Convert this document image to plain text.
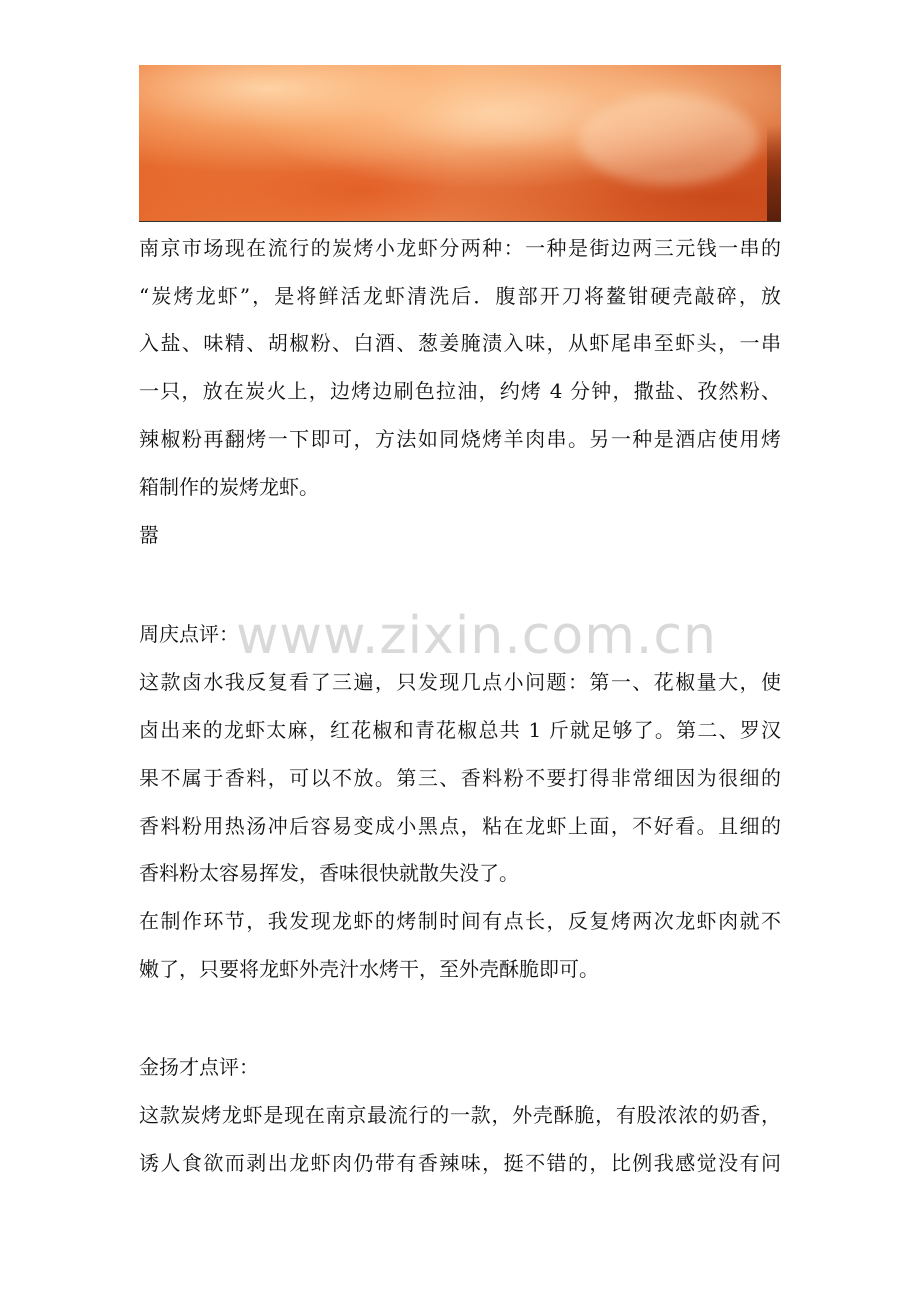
www.zixin.com.cn
南京市场现在流行的炭烤小龙虾分两种：一种是街边两三元钱一串的
“炭烤龙虾”，是将鲜活龙虾清洗后．腹部开刀将鳌钳硬壳敲碎，放
入盐、味精、胡椒粉、白酒、葱姜腌渍入味，从虾尾串至虾头，一串
一只，放在炭火上，边烤边刷色拉油，约烤 4 分钟，撒盐、孜然粉、
辣椒粉再翻烤一下即可，方法如同烧烤羊肉串。另一种是酒店使用烤
箱制作的炭烤龙虾。
嚣
周庆点评：
这款卤水我反复看了三遍，只发现几点小问题：第一、花椒量大，使
卤出来的龙虾太麻，红花椒和青花椒总共 1 斤就足够了。第二、罗汉
果不属于香料，可以不放。第三、香料粉不要打得非常细因为很细的
香料粉用热汤冲后容易变成小黑点，粘在龙虾上面，不好看。且细的
香料粉太容易挥发，香味很快就散失没了。
在制作环节，我发现龙虾的烤制时间有点长，反复烤两次龙虾肉就不
嫩了，只要将龙虾外壳汁水烤干，至外壳酥脆即可。
金扬才点评：
这款炭烤龙虾是现在南京最流行的一款，外壳酥脆，有股浓浓的奶香，
诱人食欲而剥出龙虾肉仍带有香辣味，挺不错的，比例我感觉没有问
